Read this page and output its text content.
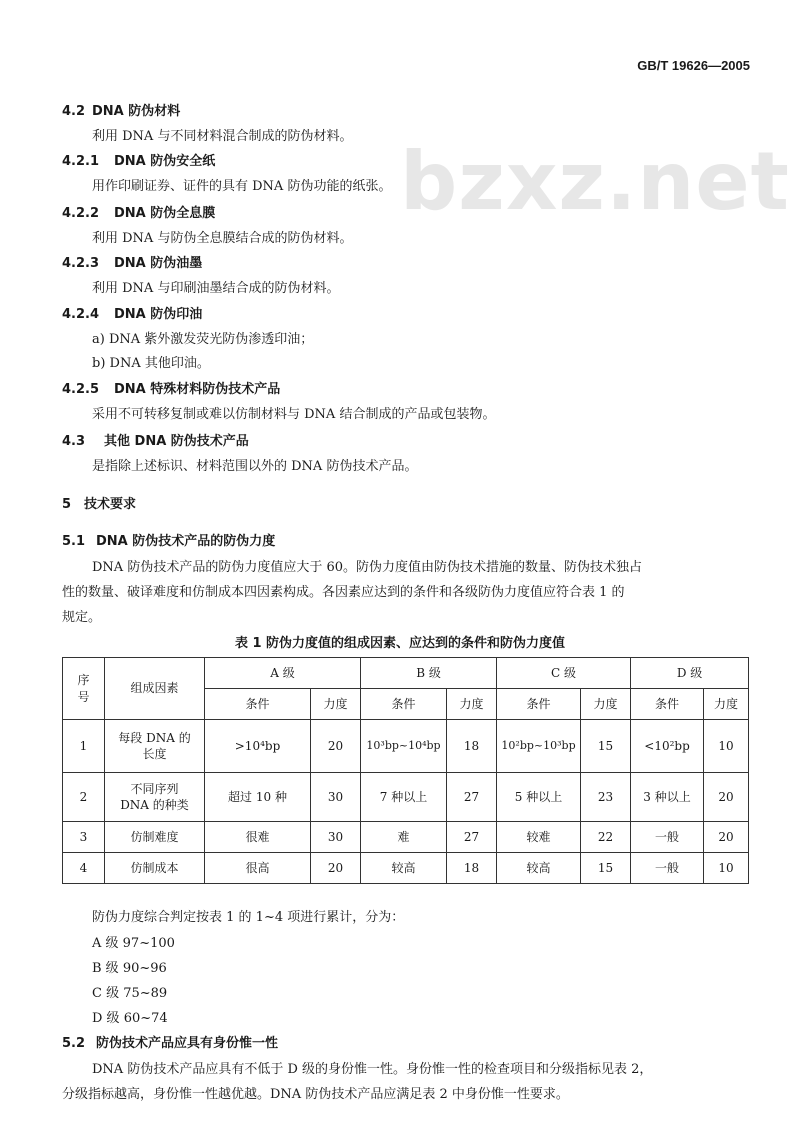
GB/T 19626—2005
bzxz.net
4.2 DNA 防伪材料
利用 DNA 与不同材料混合制成的防伪材料。
4.2.1 DNA 防伪安全纸
用作印刷证券、证件的具有 DNA 防伪功能的纸张。
4.2.2 DNA 防伪全息膜
利用 DNA 与防伪全息膜结合成的防伪材料。
4.2.3 DNA 防伪油墨
利用 DNA 与印刷油墨结合成的防伪材料。
4.2.4 DNA 防伪印油
a) DNA 紫外激发荧光防伪渗透印油；
b) DNA 其他印油。
4.2.5 DNA 特殊材料防伪技术产品
采用不可转移复制或难以仿制材料与 DNA 结合制成的产品或包装物。
4.3 其他 DNA 防伪技术产品
是指除上述标识、材料范围以外的 DNA 防伪技术产品。
5 技术要求
5.1 DNA 防伪技术产品的防伪力度
DNA 防伪技术产品的防伪力度值应大于 60。防伪力度值由防伪技术措施的数量、防伪技术独占
性的数量、破译难度和仿制成本四因素构成。各因素应达到的条件和各级防伪力度值应符合表 1 的
规定。
表 1 防伪力度值的组成因素、应达到的条件和防伪力度值
序号	组成因素	A 级		B 级		C 级		D 级	
		条件	力度	条件	力度	条件	力度	条件	力度
1	每段 DNA 的长度	>10⁴bp	20	10³bp~10⁴bp	18	10²bp~10³bp	15	<10²bp	10
2	不同序列 DNA 的种类	超过 10 种	30	7 种以上	27	5 种以上	23	3 种以上	20
3	仿制难度	很难	30	难	27	较难	22	一般	20
4	仿制成本	很高	20	较高	18	较高	15	一般	10
防伪力度综合判定按表 1 的 1~4 项进行累计，分为：
A 级 97~100
B 级 90~96
C 级 75~89
D 级 60~74
5.2 防伪技术产品应具有身份惟一性
DNA 防伪技术产品应具有不低于 D 级的身份惟一性。身份惟一性的检查项目和分级指标见表 2，
分级指标越高，身份惟一性越优越。DNA 防伪技术产品应满足表 2 中身份惟一性要求。
